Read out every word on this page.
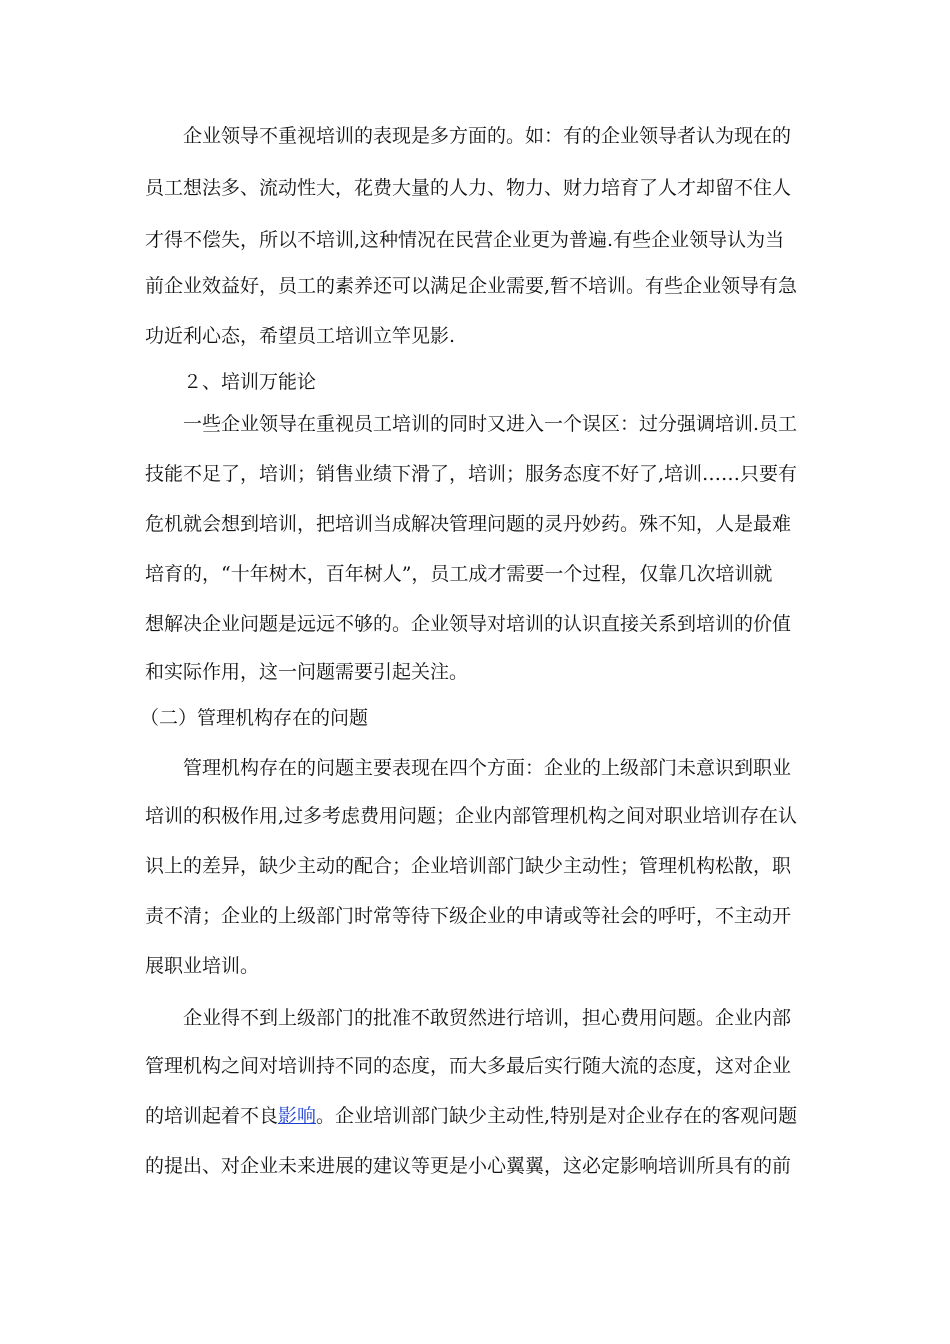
企业领导不重视培训的表现是多方面的。如：有的企业领导者认为现在的
员工想法多、流动性大，花费大量的人力、物力、财力培育了人才却留不住人
才得不偿失，所以不培训,这种情况在民营企业更为普遍.有些企业领导认为当
前企业效益好，员工的素养还可以满足企业需要,暂不培训。有些企业领导有急
功近利心态，希望员工培训立竿见影.
２、培训万能论
一些企业领导在重视员工培训的同时又进入一个误区：过分强调培训.员工
技能不足了，培训；销售业绩下滑了，培训；服务态度不好了,培训……只要有
危机就会想到培训，把培训当成解决管理问题的灵丹妙药。殊不知，人是最难
培育的，“十年树木，百年树人”，员工成才需要一个过程，仅靠几次培训就
想解决企业问题是远远不够的。企业领导对培训的认识直接关系到培训的价值
和实际作用，这一问题需要引起关注。
（二）管理机构存在的问题
管理机构存在的问题主要表现在四个方面：企业的上级部门未意识到职业
培训的积极作用,过多考虑费用问题；企业内部管理机构之间对职业培训存在认
识上的差异，缺少主动的配合；企业培训部门缺少主动性；管理机构松散，职
责不清；企业的上级部门时常等待下级企业的申请或等社会的呼吁，不主动开
展职业培训。
企业得不到上级部门的批准不敢贸然进行培训，担心费用问题。企业内部
管理机构之间对培训持不同的态度，而大多最后实行随大流的态度，这对企业
的培训起着不良影响。企业培训部门缺少主动性,特别是对企业存在的客观问题
的提出、对企业未来进展的建议等更是小心翼翼，这必定影响培训所具有的前
